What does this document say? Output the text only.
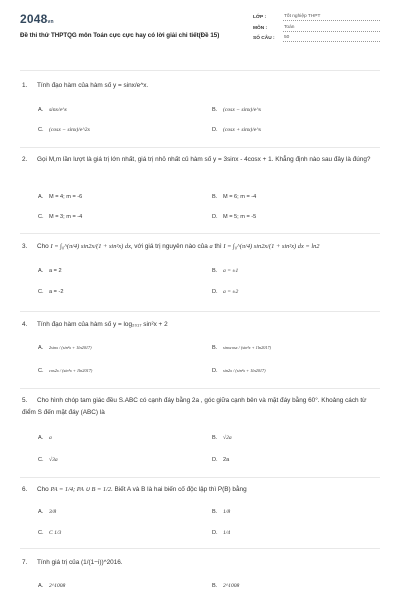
2048vn
Đề thi thử THPTQG môn Toán cực cực hay có lời giải chi tiết(Đề 15)
LỚP :	Tốt nghiệp THPT
MÔN :	Toán
SỐ CÂU :	50
1. Tính đạo hàm của hàm số y = sinx/e^x.
A. sinx/e^x	B. (cosx − sinx)/e^x
C. (cosx − sinx)/e^2x	D. (cosx + sinx)/e^x
2. Gọi M,m lần lượt là giá trị lớn nhất, giá trị nhỏ nhất củ hàm số y = 3sinx - 4cosx + 1. Khẳng định nào sau đây là đúng?
A. M = 4; m = -6	B. M = 6; m = -4
C. M = 3; m = -4	D. M = 5; m = -5
3. Cho I = ∫₀^(π/4) sin2x/(1 + sin²x) dx, với giá trị nguyên nào của a thì I = ∫₀^(π/4) sin2x/(1 + sin²x) dx = ln2
A. a = 2	B. a = ±1
C. a = -2	D. a = ±2
4. Tính đạo hàm của hàm số y = log₂₀₁₇ sin²x + 2
A. 2sinx / (sin²x + 1ln2017)	B. sinxcosx / (sin²x + 1ln2017)
C. cos2x / (sin²x + 1ln2017)	D. sin2x / (sin²x + 1ln2017)
5. Cho hình chóp tam giác đều S.ABC có cạnh đáy bằng 2a , góc giữa cạnh bên và mặt đáy bằng 60°. Khoảng cách từ điểm S đến mặt đáy (ABC) là
A. a	B. √2a
C. √3a	D. 2a
6. Cho PA = 1/4; PA ∪ B = 1/2. Biết A và B là hai biến cố độc lập thì P(B) bằng
A. 3/8	B. 1/8
C. C 1/3	D. 1/4
7. Tính giá trị của (1/(1−i))^2016.
A. 2^1008	B. 2^1008
